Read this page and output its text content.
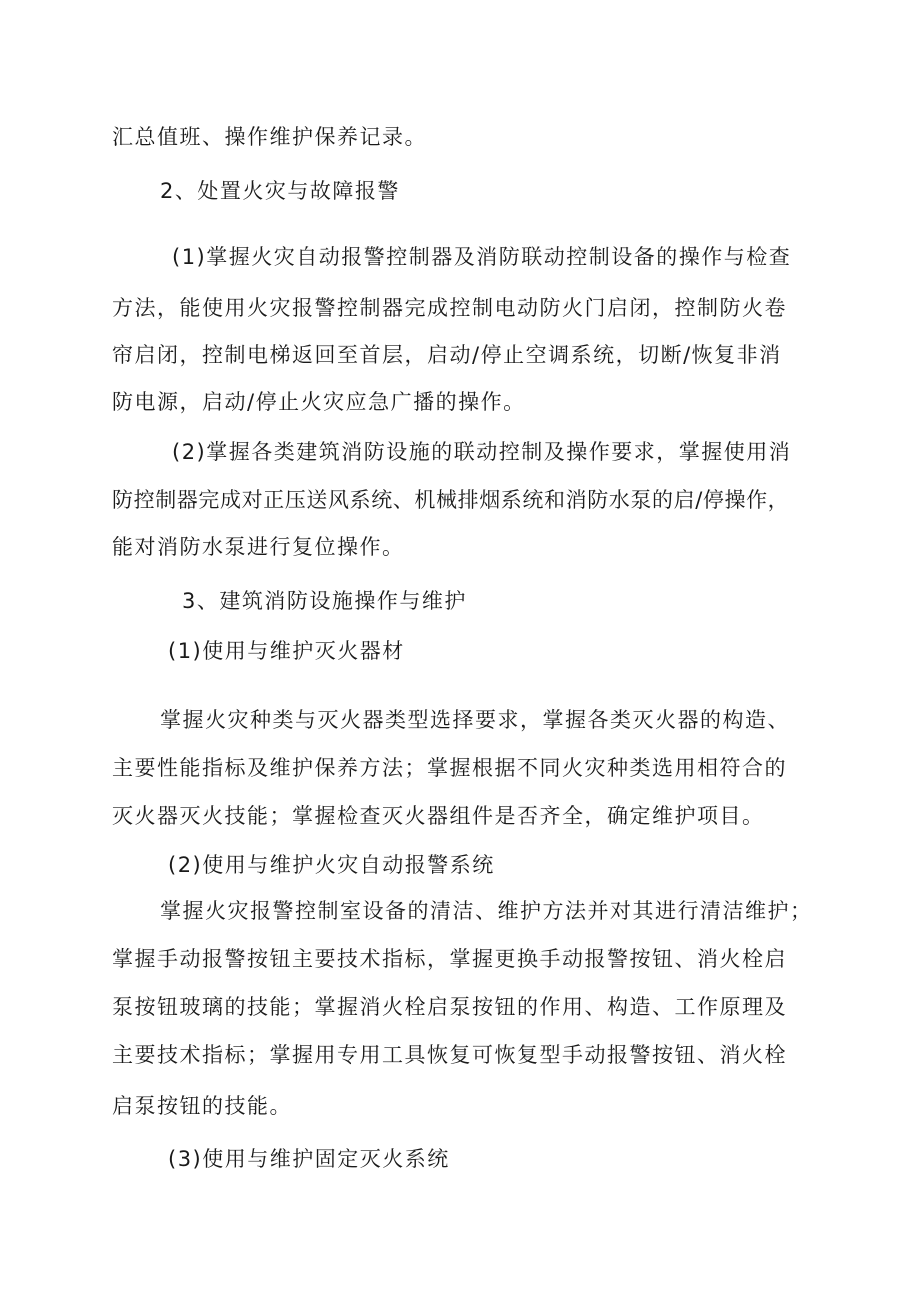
汇总值班、操作维护保养记录。

2、处置火灾与故障报警

(1)掌握火灾自动报警控制器及消防联动控制设备的操作与检查

方法，能使用火灾报警控制器完成控制电动防火门启闭，控制防火卷

帘启闭，控制电梯返回至首层，启动/停止空调系统，切断/恢复非消

防电源，启动/停止火灾应急广播的操作。

(2)掌握各类建筑消防设施的联动控制及操作要求，掌握使用消

防控制器完成对正压送风系统、机械排烟系统和消防水泵的启/停操作，

能对消防水泵进行复位操作。

3、建筑消防设施操作与维护

(1)使用与维护灭火器材

掌握火灾种类与灭火器类型选择要求，掌握各类灭火器的构造、

主要性能指标及维护保养方法；掌握根据不同火灾种类选用相符合的

灭火器灭火技能；掌握检查灭火器组件是否齐全，确定维护项目。

(2)使用与维护火灾自动报警系统

掌握火灾报警控制室设备的清洁、维护方法并对其进行清洁维护；

掌握手动报警按钮主要技术指标，掌握更换手动报警按钮、消火栓启

泵按钮玻璃的技能；掌握消火栓启泵按钮的作用、构造、工作原理及

主要技术指标；掌握用专用工具恢复可恢复型手动报警按钮、消火栓

启泵按钮的技能。

(3)使用与维护固定灭火系统
